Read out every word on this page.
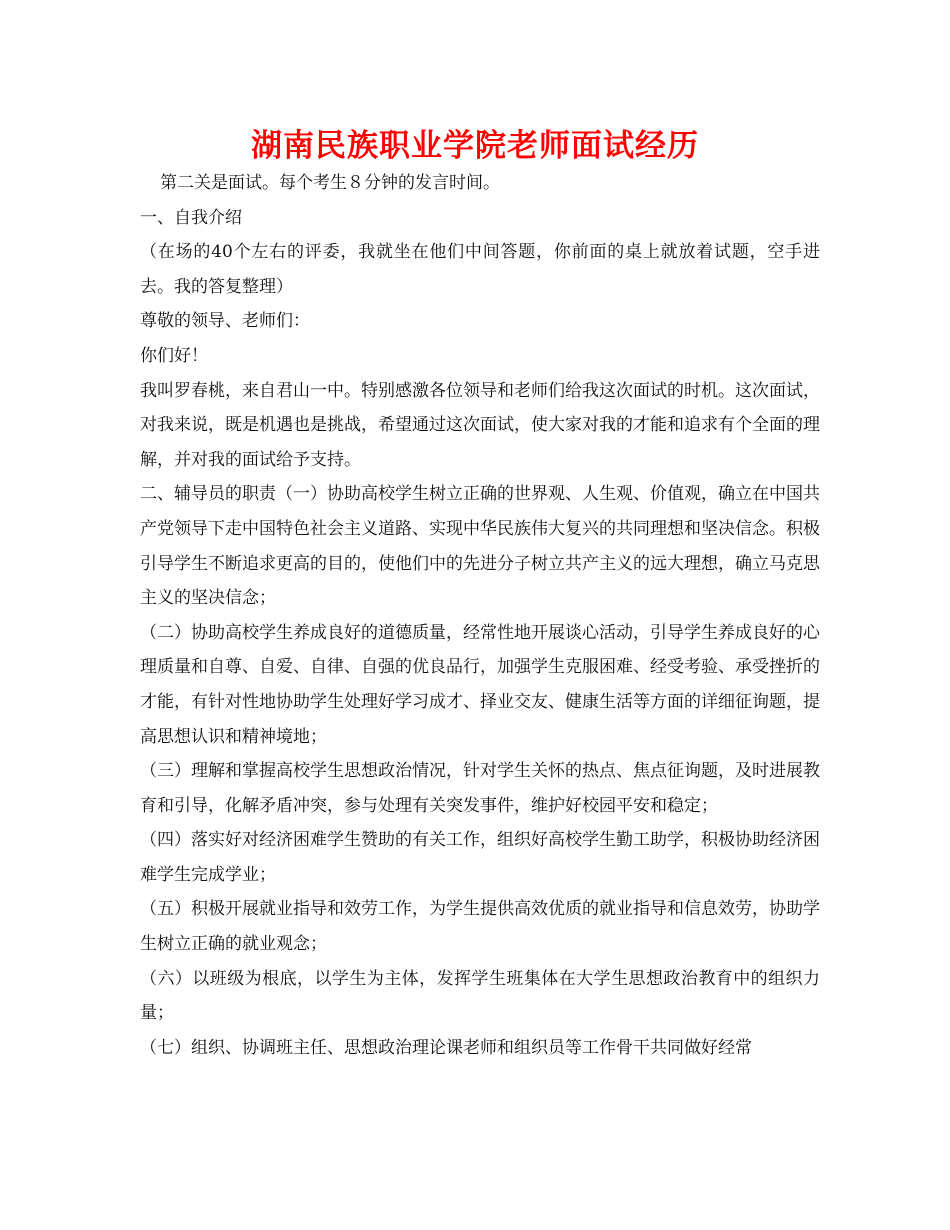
湖南民族职业学院老师面试经历

第二关是面试。每个考生８分钟的发言时间。

一、自我介绍

（在场的40个左右的评委，我就坐在他们中间答题，你前面的桌上就放着试题，空手进去。我的答复整理）

尊敬的领导、老师们：

你们好！

我叫罗春桃，来自君山一中。特别感激各位领导和老师们给我这次面试的时机。这次面试，对我来说，既是机遇也是挑战，希望通过这次面试，使大家对我的才能和追求有个全面的理解，并对我的面试给予支持。

二、辅导员的职责（一）协助高校学生树立正确的世界观、人生观、价值观，确立在中国共产党领导下走中国特色社会主义道路、实现中华民族伟大复兴的共同理想和坚决信念。积极引导学生不断追求更高的目的，使他们中的先进分子树立共产主义的远大理想，确立马克思主义的坚决信念；

（二）协助高校学生养成良好的道德质量，经常性地开展谈心活动，引导学生养成良好的心理质量和自尊、自爱、自律、自强的优良品行，加强学生克服困难、经受考验、承受挫折的才能，有针对性地协助学生处理好学习成才、择业交友、健康生活等方面的详细征询题，提高思想认识和精神境地；

（三）理解和掌握高校学生思想政治情况，针对学生关怀的热点、焦点征询题，及时进展教育和引导，化解矛盾冲突，参与处理有关突发事件，维护好校园平安和稳定；

（四）落实好对经济困难学生赞助的有关工作，组织好高校学生勤工助学，积极协助经济困难学生完成学业；

（五）积极开展就业指导和效劳工作，为学生提供高效优质的就业指导和信息效劳，协助学生树立正确的就业观念；

（六）以班级为根底，以学生为主体，发挥学生班集体在大学生思想政治教育中的组织力量；

（七）组织、协调班主任、思想政治理论课老师和组织员等工作骨干共同做好经常
